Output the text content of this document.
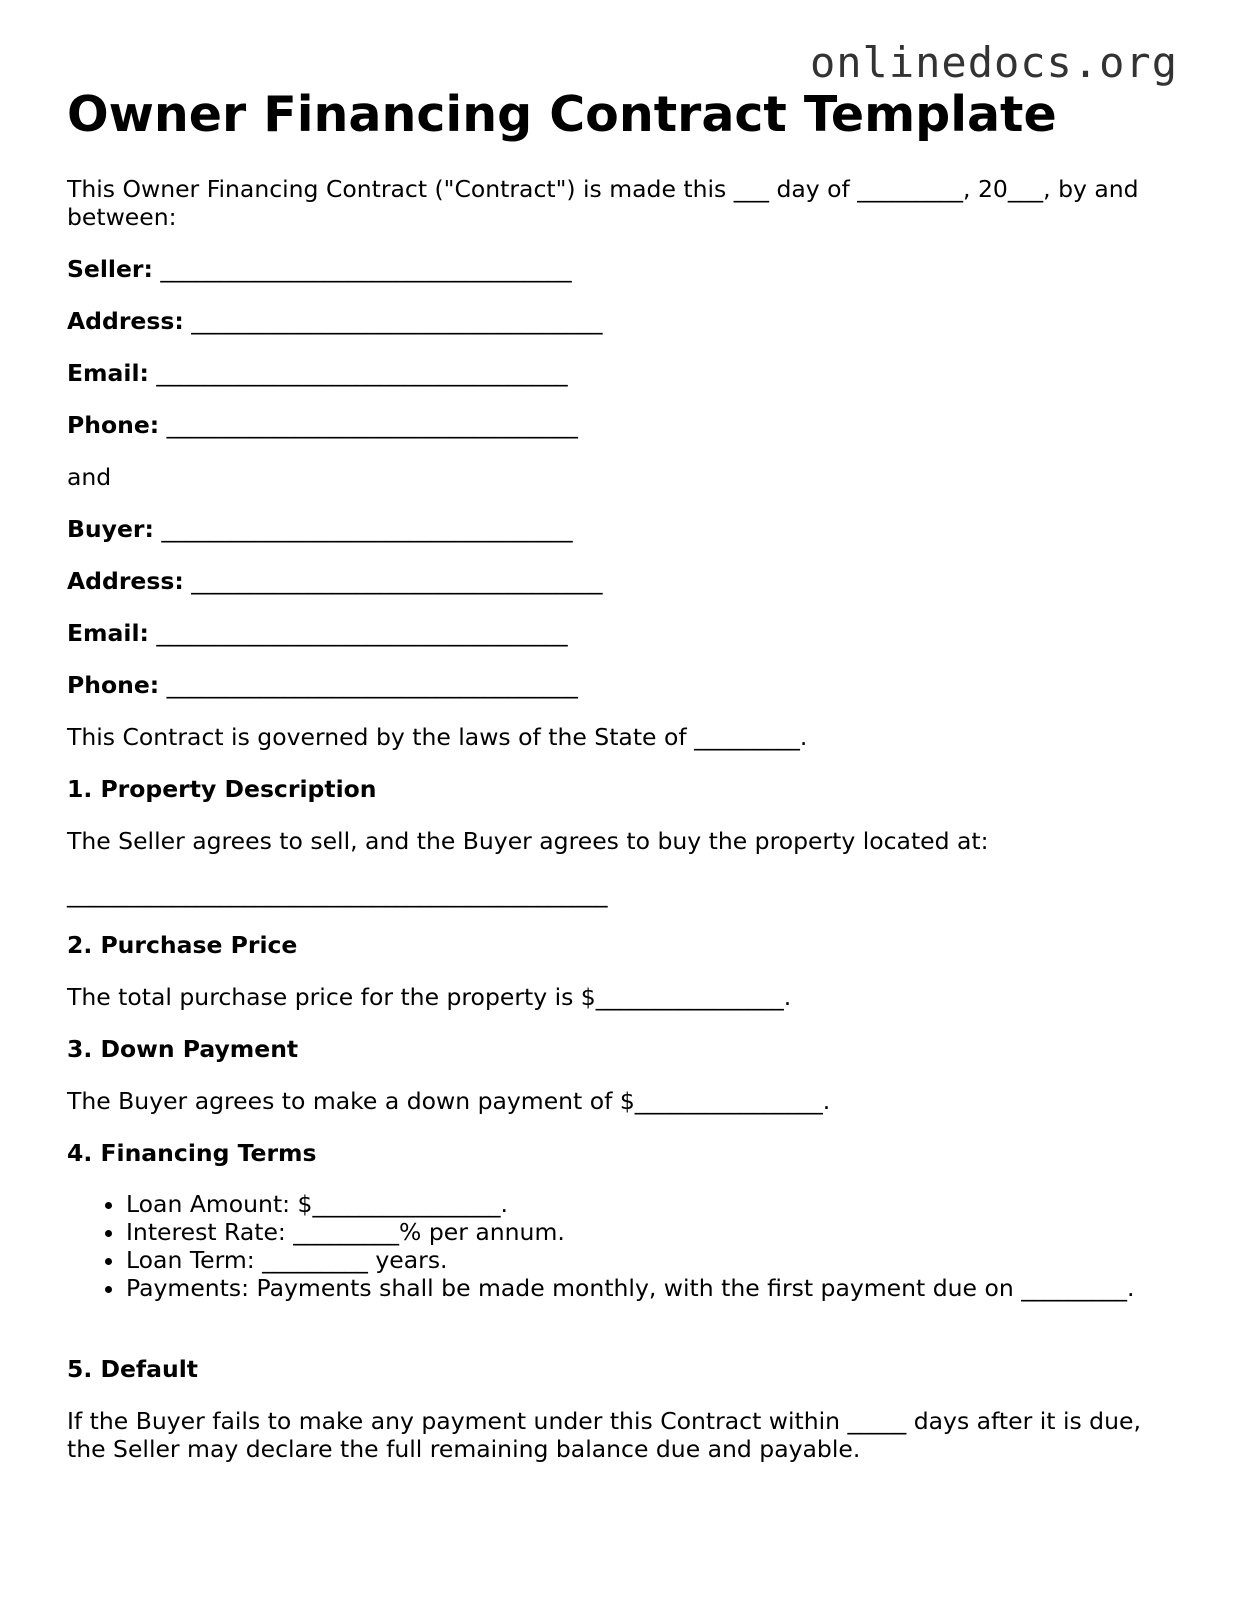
onlinedocs.org
Owner Financing Contract Template

This Owner Financing Contract ("Contract") is made this ___ day of _________, 20___, by and between:

Seller: ___________________________________

Address: ___________________________________

Email: ___________________________________

Phone: ___________________________________

and

Buyer: ___________________________________

Address: ___________________________________

Email: ___________________________________

Phone: ___________________________________

This Contract is governed by the laws of the State of _________.

1. Property Description

The Seller agrees to sell, and the Buyer agrees to buy the property located at:

______________________________________________

2. Purchase Price

The total purchase price for the property is $________________.

3. Down Payment

The Buyer agrees to make a down payment of $________________.

4. Financing Terms

• Loan Amount: $________________.
• Interest Rate: _________% per annum.
• Loan Term: _________ years.
• Payments: Payments shall be made monthly, with the first payment due on _________.

5. Default

If the Buyer fails to make any payment under this Contract within _____ days after it is due, the Seller may declare the full remaining balance due and payable.
